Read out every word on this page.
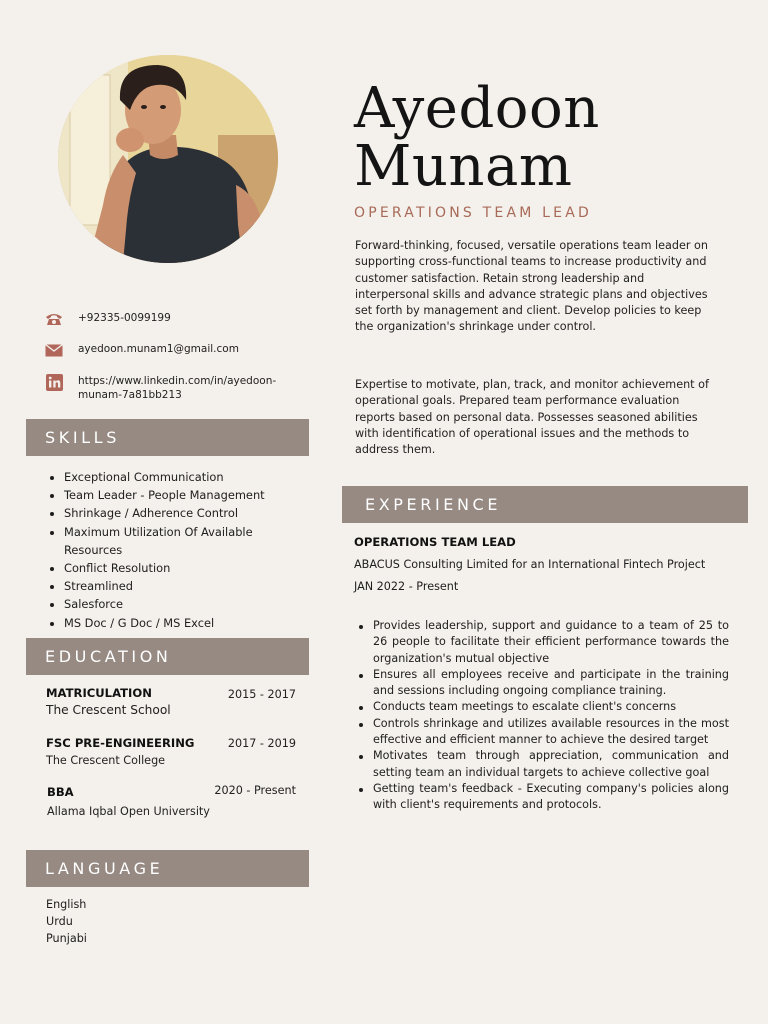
Ayedoon
Munam
OPERATIONS TEAM LEAD
Forward-thinking, focused, versatile operations team leader on supporting cross-functional teams to increase productivity and customer satisfaction. Retain strong leadership and interpersonal skills and advance strategic plans and objectives set forth by management and client. Develop policies to keep the organization's shrinkage under control.
Expertise to motivate, plan, track, and monitor achievement of operational goals. Prepared team performance evaluation reports based on personal data. Possesses seasoned abilities with identification of operational issues and the methods to address them.
+92335-0099199
ayedoon.munam1@gmail.com
https://www.linkedin.com/in/ayedoon-munam-7a81bb213
SKILLS
Exceptional Communication
Team Leader - People Management
Shrinkage / Adherence Control
Maximum Utilization Of Available Resources
Conflict Resolution
Streamlined
Salesforce
MS Doc / G Doc / MS Excel
EDUCATION
MATRICULATION	2015 - 2017
The Crescent School
FSC PRE-ENGINEERING	2017 - 2019
The Crescent College
BBA	2020 - Present
Allama Iqbal Open University
LANGUAGE
English
Urdu
Punjabi
EXPERIENCE
OPERATIONS TEAM LEAD
ABACUS Consulting Limited for an International Fintech Project
JAN 2022 - Present
Provides leadership, support and guidance to a team of 25 to 26 people to facilitate their efficient performance towards the organization's mutual objective
Ensures all employees receive and participate in the training and sessions including ongoing compliance training.
Conducts team meetings to escalate client's concerns
Controls shrinkage and utilizes available resources in the most effective and efficient manner to achieve the desired target
Motivates team through appreciation, communication and setting team an individual targets to achieve collective goal
Getting team's feedback - Executing company's policies along with client's requirements and protocols.
